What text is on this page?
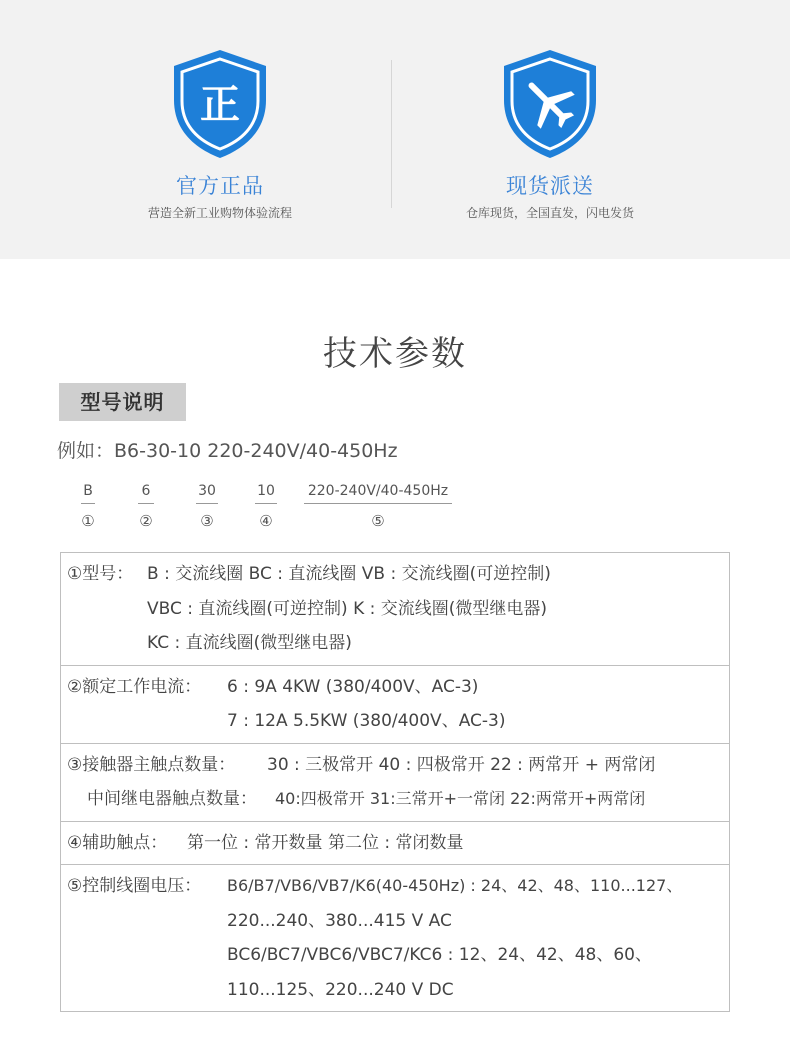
正
官方正品
营造全新工业购物体验流程
现货派送
仓库现货，全国直发，闪电发货
技术参数
型号说明
例如：B6-30-10 220-240V/40-450Hz
B
①
6
②
30
③
10
④
220-240V/40-450Hz
⑤
①型号： B : 交流线圈 BC : 直流线圈 VB : 交流线圈(可逆控制)
VBC : 直流线圈(可逆控制) K : 交流线圈(微型继电器)
KC : 直流线圈(微型继电器)
②额定工作电流： 6 : 9A 4KW (380/400V、AC-3)
7 : 12A 5.5KW (380/400V、AC-3)
③接触器主触点数量： 30 : 三极常开 40 : 四极常开 22 : 两常开 + 两常闭
中间继电器触点数量： 40:四极常开 31:三常开+一常闭 22:两常开+两常闭
④辅助触点： 第一位 : 常开数量 第二位 : 常闭数量
⑤控制线圈电压： B6/B7/VB6/VB7/K6(40-450Hz) : 24、42、48、110...127、
220...240、380...415 V AC
BC6/BC7/VBC6/VBC7/KC6 : 12、24、42、48、60、
110...125、220...240 V DC
